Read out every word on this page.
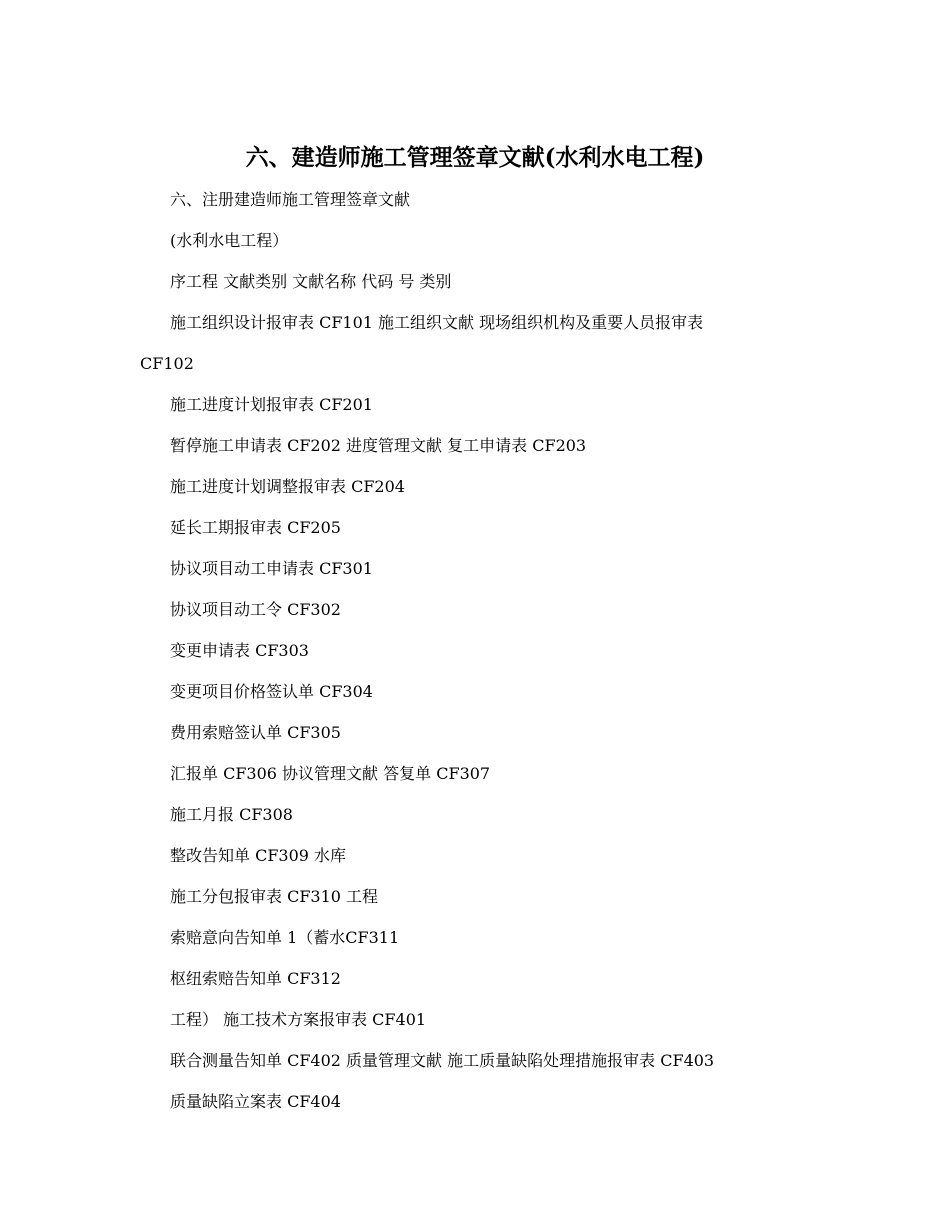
六、建造师施工管理签章文献(水利水电工程)
六、注册建造师施工管理签章文献
(水利水电工程）
序工程 文献类别 文献名称 代码 号 类别
施工组织设计报审表 CF101 施工组织文献 现场组织机构及重要人员报审表
CF102
施工进度计划报审表 CF201
暂停施工申请表 CF202 进度管理文献 复工申请表 CF203
施工进度计划调整报审表 CF204
延长工期报审表 CF205
协议项目动工申请表 CF301
协议项目动工令 CF302
变更申请表 CF303
变更项目价格签认单 CF304
费用索赔签认单 CF305
汇报单 CF306 协议管理文献 答复单 CF307
施工月报 CF308
整改告知单 CF309 水库
施工分包报审表 CF310 工程
索赔意向告知单 1（蓄水CF311
枢纽索赔告知单 CF312
工程） 施工技术方案报审表 CF401
联合测量告知单 CF402 质量管理文献 施工质量缺陷处理措施报审表 CF403
质量缺陷立案表 CF404
